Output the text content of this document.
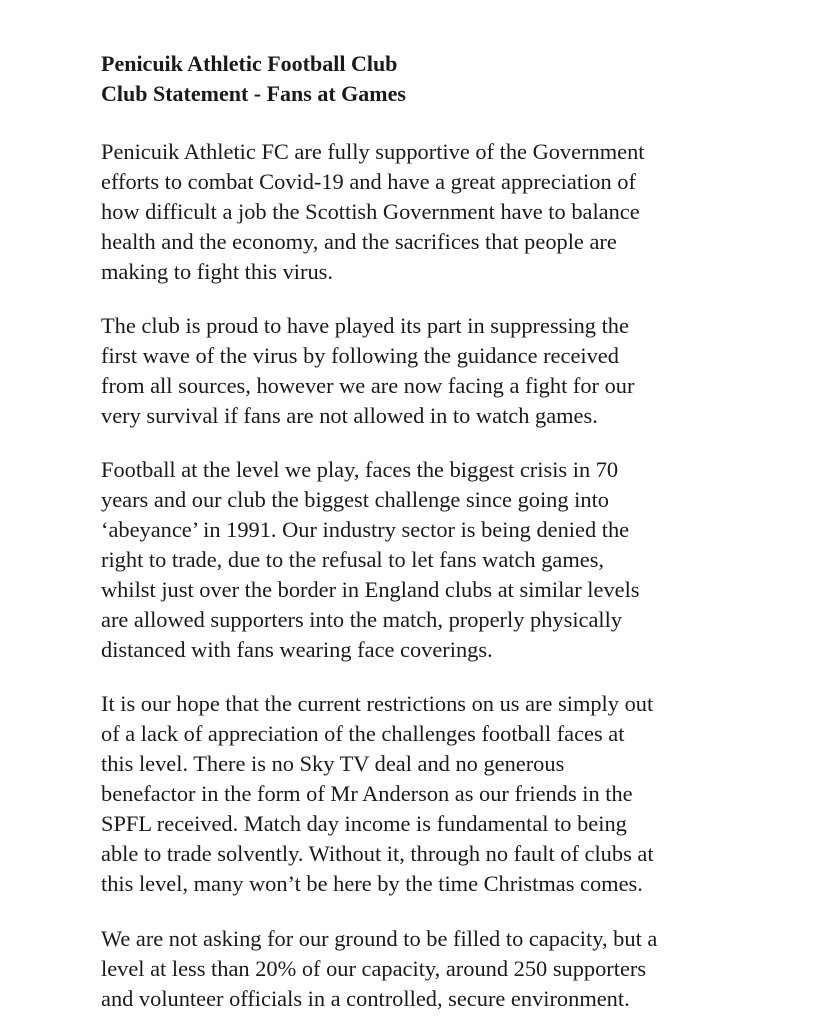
Penicuik Athletic Football Club

Club Statement - Fans at Games

Penicuik Athletic FC are fully supportive of the Government
efforts to combat Covid-19 and have a great appreciation of
how difficult a job the Scottish Government have to balance
health and the economy, and the sacrifices that people are
making to fight this virus.
The club is proud to have played its part in suppressing the
first wave of the virus by following the guidance received
from all sources, however we are now facing a fight for our
very survival if fans are not allowed in to watch games.
Football at the level we play, faces the biggest crisis in 70
years and our club the biggest challenge since going into
‘abeyance’ in 1991. Our industry sector is being denied the
right to trade, due to the refusal to let fans watch games,
whilst just over the border in England clubs at similar levels
are allowed supporters into the match, properly physically
distanced with fans wearing face coverings.
It is our hope that the current restrictions on us are simply out
of a lack of appreciation of the challenges football faces at
this level. There is no Sky TV deal and no generous
benefactor in the form of Mr Anderson as our friends in the
SPFL received. Match day income is fundamental to being
able to trade solvently. Without it, through no fault of clubs at
this level, many won’t be here by the time Christmas comes.
We are not asking for our ground to be filled to capacity, but a
level at less than 20% of our capacity, around 250 supporters
and volunteer officials in a controlled, secure environment.
